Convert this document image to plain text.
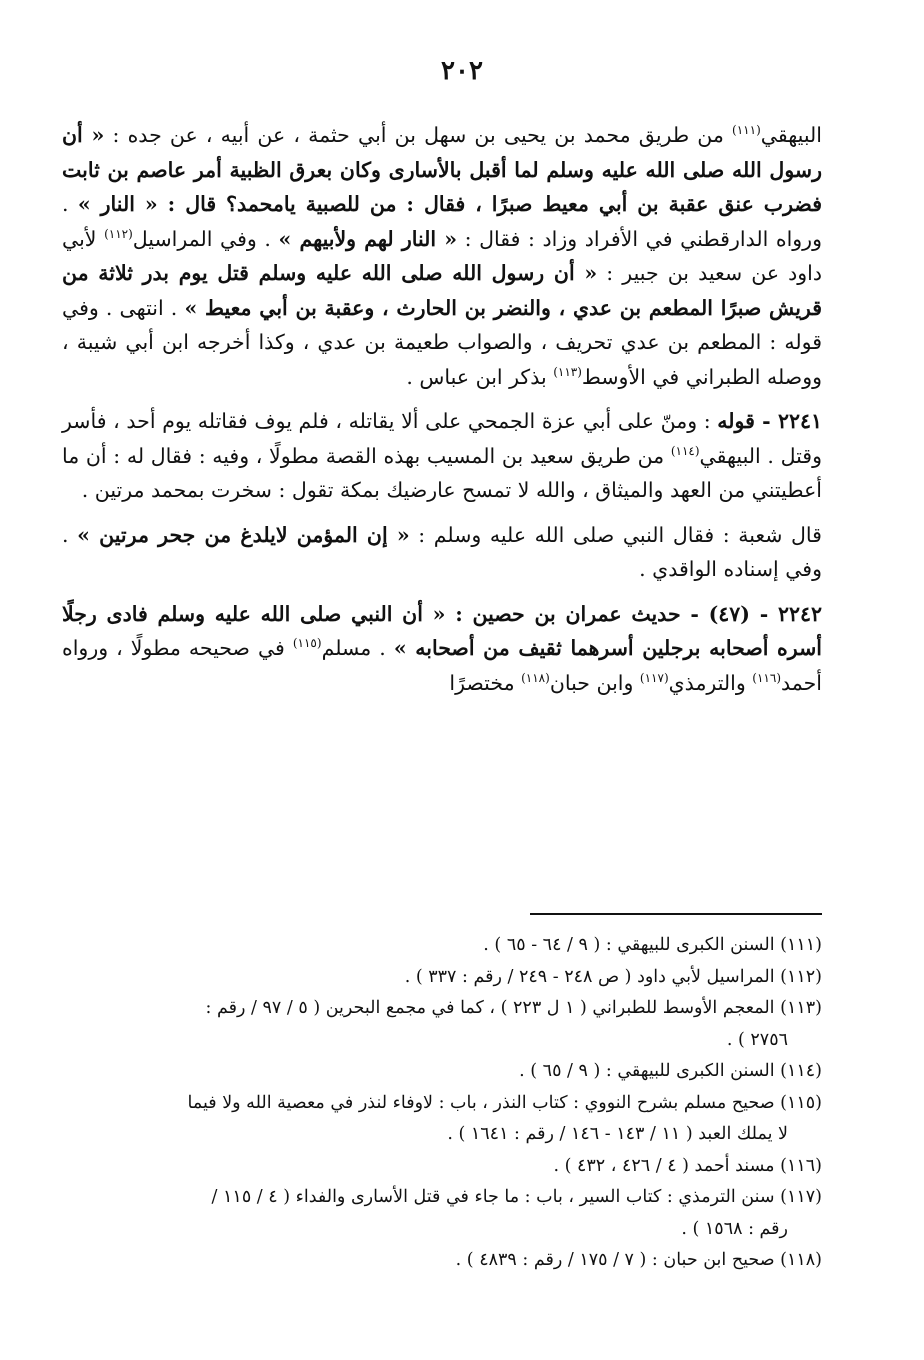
٢٠٢

البيهقي$^{(١١١)}$ من طريق محمد بن يحيى بن سهل بن أبي حثمة ، عن أبيه ، عن جده : « أن رسول الله صلى الله عليه وسلم لما أقبل بالأسارى وكان بعرق الظبية أمر عاصم بن ثابت فضرب عنق عقبة بن أبي معيط صبرًا ، فقال : من للصبية يامحمد؟ قال : « النار » . ورواه الدارقطني في الأفراد وزاد : فقال : « النار لهم ولأبيهم » . وفي المراسيل$^{(١١٢)}$ لأبي داود عن سعيد بن جبير : « أن رسول الله صلى الله عليه وسلم قتل يوم بدر ثلاثة من قريش صبرًا المطعم بن عدي ، والنضر بن الحارث ، وعقبة بن أبي معيط » . انتهى . وفي قوله : المطعم بن عدي تحريف ، والصواب طعيمة بن عدي ، وكذا أخرجه ابن أبي شيبة ، ووصله الطبراني في الأوسط$^{(١١٣)}$ بذكر ابن عباس .

٢٢٤١ - قوله : ومنّ على أبي عزة الجمحي على ألا يقاتله ، فلم يوف فقاتله يوم أحد ، فأسر وقتل . البيهقي$^{(١١٤)}$ من طريق سعيد بن المسيب بهذه القصة مطولًا ، وفيه : فقال له : أن ما أعطيتني من العهد والميثاق ، والله لا تمسح عارضيك بمكة تقول : سخرت بمحمد مرتين .

قال شعبة : فقال النبي صلى الله عليه وسلم : « إن المؤمن لايلدغ من جحر مرتين » . وفي إسناده الواقدي .

٢٢٤٢ - (٤٧) - حديث عمران بن حصين : « أن النبي صلى الله عليه وسلم فادى رجلًا أسره أصحابه برجلين أسرهما ثقيف من أصحابه » . مسلم$^{(١١٥)}$ في صحيحه مطولًا ، ورواه أحمد$^{(١١٦)}$ والترمذي$^{(١١٧)}$ وابن حبان$^{(١١٨)}$ مختصرًا

(١١١) السنن الكبرى للبيهقي : ( ٩ / ٦٤ - ٦٥ ) .

(١١٢) المراسيل لأبي داود ( ص ٢٤٨ - ٢٤٩ / رقم : ٣٣٧ ) .

(١١٣) المعجم الأوسط للطبراني ( ١ ل ٢٢٣ ) ، كما في مجمع البحرين ( ٥ / ٩٧ / رقم :
٢٧٥٦ ) .

(١١٤) السنن الكبرى للبيهقي : ( ٩ / ٦٥ ) .

(١١٥) صحيح مسلم بشرح النووي : كتاب النذر ، باب : لاوفاء لنذر في معصية الله ولا فيما
لا يملك العبد ( ١١ / ١٤٣ - ١٤٦ / رقم : ١٦٤١ ) .

(١١٦) مسند أحمد ( ٤ / ٤٢٦ ، ٤٣٢ ) .

(١١٧) سنن الترمذي : كتاب السير ، باب : ما جاء في قتل الأسارى والفداء ( ٤ / ١١٥ /
رقم : ١٥٦٨ ) .

(١١٨) صحيح ابن حبان : ( ٧ / ١٧٥ / رقم : ٤٨٣٩ ) .
